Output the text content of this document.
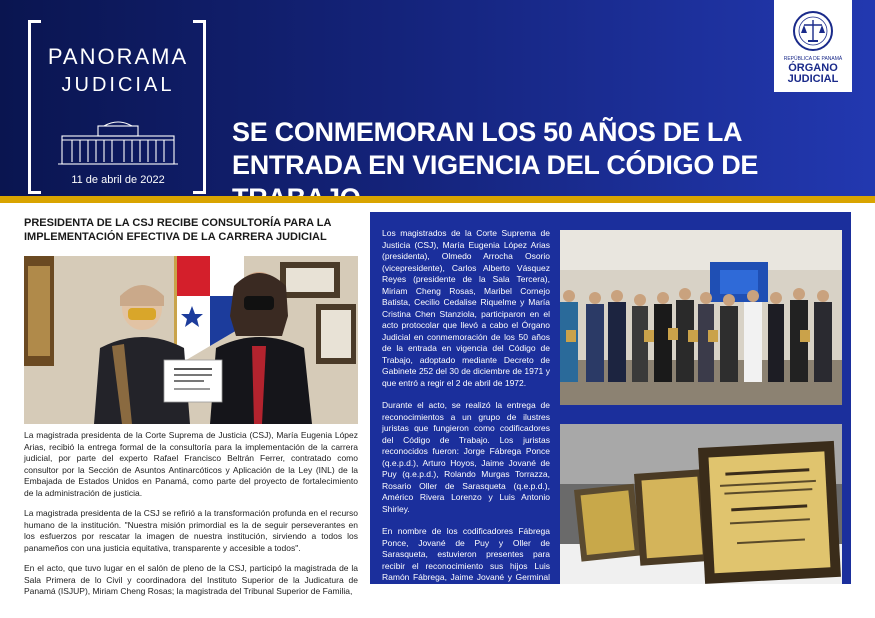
PANORAMA
JUDICIAL
11 de abril de 2022
REPÚBLICA DE PANAMÁ
ÓRGANO
JUDICIAL
SE CONMEMORAN LOS 50 AÑOS DE LA ENTRADA EN VIGENCIA DEL CÓDIGO DE

PRESIDENTA DE LA CSJ RECIBE CONSULTORÍA PARA LA IMPLEMENTACIÓN EFECTIVA DE LA CARRERA JUDICIAL

La magistrada presidenta de la Corte Suprema de Justicia (CSJ), María Eugenia López Arias, recibió la entrega formal de la consultoría para la implementación de la carrera judicial, por parte del experto Rafael Francisco Beltrán Ferrer, contratado como consultor por la Sección de Asuntos Antinarcóticos y Aplicación de la Ley (INL) de la Embajada de Estados Unidos en Panamá, como parte del proyecto de fortalecimiento de la administración de justicia.

La magistrada presidenta de la CSJ se refirió a la transformación profunda en el recurso humano de la institución. "Nuestra misión primordial es la de seguir perseverantes en los esfuerzos por rescatar la imagen de nuestra institución, sirviendo a todos los panameños con una justicia equitativa, transparente y accesible a todos".

En el acto, que tuvo lugar en el salón de pleno de la CSJ, participó la magistrada de la Sala Primera de lo Civil y coordinadora del Instituto Superior de la Judicatura de Panamá (ISJUP), Miriam Cheng Rosas; la magistrada del Tribunal Superior de Familia,

Los magistrados de la Corte Suprema de Justicia (CSJ), María Eugenia López Arias (presidenta), Olmedo Arrocha Osorio (vicepresidente), Carlos Alberto Vásquez Reyes (presidente de la Sala Tercera), Miriam Cheng Rosas, Maribel Cornejo Batista, Cecilio Cedalise Riquelme y María Cristina Chen Stanziola, participaron en el acto protocolar que llevó a cabo el Órgano Judicial en conmemoración de los 50 años de la entrada en vigencia del Código de Trabajo, adoptado mediante Decreto de Gabinete 252 del 30 de diciembre de 1971 y que entró a regir el 2 de abril de 1972.

Durante el acto, se realizó la entrega de reconocimientos a un grupo de ilustres juristas que fungieron como codificadores del Código de Trabajo. Los juristas reconocidos fueron: Jorge Fábrega Ponce (q.e.p.d.), Arturo Hoyos, Jaime Jované de Puy (q.e.p.d.), Rolando Murgas Torrazza, Rosario Oller de Sarasqueta (q.e.p.d.), Américo Rivera Lorenzo y Luis Antonio Shirley.

En nombre de los codificadores Fábrega Ponce, Jované de Puy y Oller de Sarasqueta, estuvieron presentes para recibir el reconocimiento sus hijos Luis Ramón Fábrega, Jaime Jované y Germinal Sarasqueta, respectivamente. Además, por los codificadores Rivera y Shirley también
